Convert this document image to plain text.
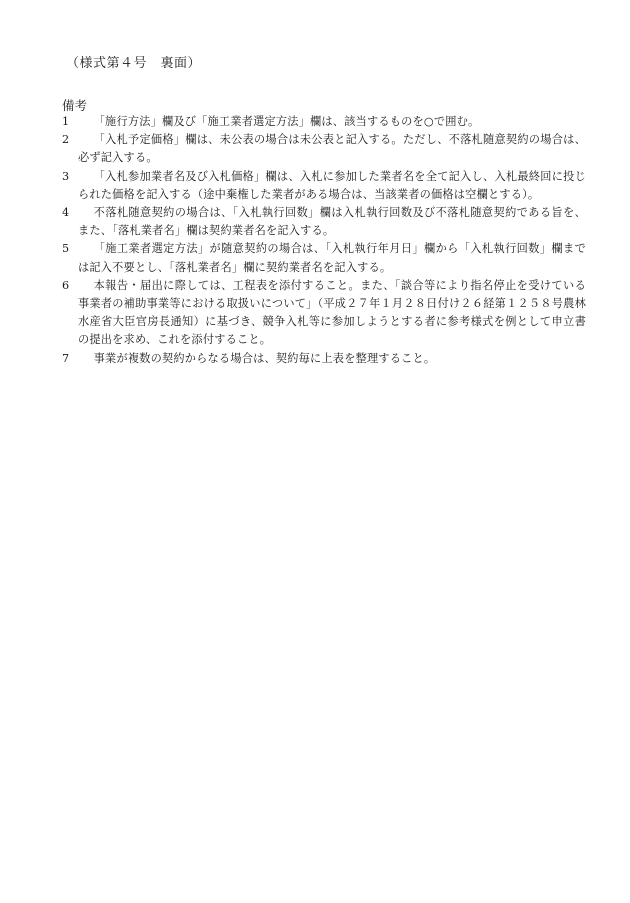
（様式第４号　裏面）
備考
1	「施行方法」欄及び「施工業者選定方法」欄は、該当するものを○で囲む。
2	「入札予定価格」欄は、未公表の場合は未公表と記入する。ただし、不落札随意契約の場合は、必ず記入する。
3	「入札参加業者名及び入札価格」欄は、入札に参加した業者名を全て記入し、入札最終回に投じられた価格を記入する（途中棄権した業者がある場合は、当該業者の価格は空欄とする）。
4	不落札随意契約の場合は、「入札執行回数」欄は入札執行回数及び不落札随意契約である旨を、また、「落札業者名」欄は契約業者名を記入する。
5	「施工業者選定方法」が随意契約の場合は、「入札執行年月日」欄から「入札執行回数」欄までは記入不要とし、「落札業者名」欄に契約業者名を記入する。
6	本報告・届出に際しては、工程表を添付すること。また、「談合等により指名停止を受けている事業者の補助事業等における取扱いについて」（平成２７年１月２８日付け２６経第１２５８号農林水産省大臣官房長通知）に基づき、競争入札等に参加しようとする者に参考様式を例として申立書の提出を求め、これを添付すること。
7	事業が複数の契約からなる場合は、契約毎に上表を整理すること。
